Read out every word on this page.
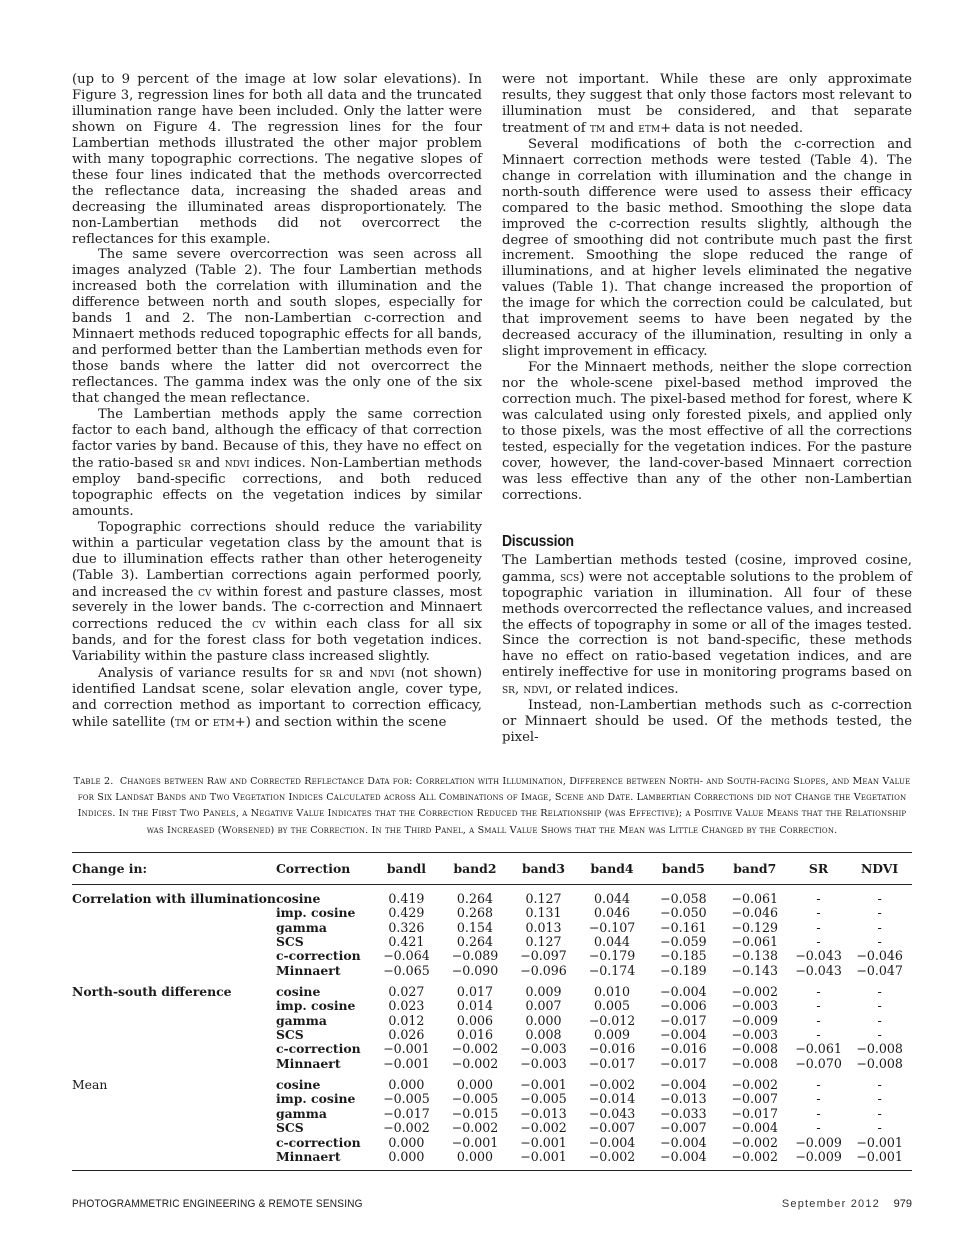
(up to 9 percent of the image at low solar elevations). In Figure 3, regression lines for both all data and the truncated illumination range have been included. Only the latter were shown on Figure 4. The regression lines for the four Lambertian methods illustrated the other major problem with many topographic corrections. The negative slopes of these four lines indicated that the methods overcorrected the reflectance data, increasing the shaded areas and decreasing the illuminated areas disproportionately. The non-Lambertian methods did not overcorrect the reflectances for this example.

The same severe overcorrection was seen across all images analyzed (Table 2). The four Lambertian methods increased both the correlation with illumination and the difference between north and south slopes, especially for bands 1 and 2. The non-Lambertian c-correction and Minnaert methods reduced topographic effects for all bands, and performed better than the Lambertian methods even for those bands where the latter did not overcorrect the reflectances. The gamma index was the only one of the six that changed the mean reflectance.

The Lambertian methods apply the same correction factor to each band, although the efficacy of that correction factor varies by band. Because of this, they have no effect on the ratio-based sr and ndvi indices. Non-Lambertian methods employ band-specific corrections, and both reduced topographic effects on the vegetation indices by similar amounts.

Topographic corrections should reduce the variability within a particular vegetation class by the amount that is due to illumination effects rather than other heterogeneity (Table 3). Lambertian corrections again performed poorly, and increased the cv within forest and pasture classes, most severely in the lower bands. The c-correction and Minnaert corrections reduced the cv within each class for all six bands, and for the forest class for both vegetation indices. Variability within the pasture class increased slightly.

Analysis of variance results for sr and ndvi (not shown) identified Landsat scene, solar elevation angle, cover type, and correction method as important to correction efficacy, while satellite (tm or etm+) and section within the scene

were not important. While these are only approximate results, they suggest that only those factors most relevant to illumination must be considered, and that separate treatment of tm and etm+ data is not needed.

Several modifications of both the c-correction and Minnaert correction methods were tested (Table 4). The change in correlation with illumination and the change in north-south difference were used to assess their efficacy compared to the basic method. Smoothing the slope data improved the c-correction results slightly, although the degree of smoothing did not contribute much past the first increment. Smoothing the slope reduced the range of illuminations, and at higher levels eliminated the negative values (Table 1). That change increased the proportion of the image for which the correction could be calculated, but that improvement seems to have been negated by the decreased accuracy of the illumination, resulting in only a slight improvement in efficacy.

For the Minnaert methods, neither the slope correction nor the whole-scene pixel-based method improved the correction much. The pixel-based method for forest, where K was calculated using only forested pixels, and applied only to those pixels, was the most effective of all the corrections tested, especially for the vegetation indices. For the pasture cover, however, the land-cover-based Minnaert correction was less effective than any of the other non-Lambertian corrections.

Discussion

The Lambertian methods tested (cosine, improved cosine, gamma, scs) were not acceptable solutions to the problem of topographic variation in illumination. All four of these methods overcorrected the reflectance values, and increased the effects of topography in some or all of the images tested. Since the correction is not band-specific, these methods have no effect on ratio-based vegetation indices, and are entirely ineffective for use in monitoring programs based on sr, ndvi, or related indices.

Instead, non-Lambertian methods such as c-correction or Minnaert should be used. Of the methods tested, the pixel-

Table 2. Changes between Raw and Corrected Reflectance Data for: Correlation with Illumination, Difference between North- and South-facing Slopes, and Mean Value for Six Landsat Bands and Two Vegetation Indices Calculated across All Combinations of Image, Scene and Date. Lambertian Corrections did not Change the Vegetation Indices. In the First Two Panels, a Negative Value Indicates that the Correction Reduced the Relationship (was Effective); a Positive Value Means that the Relationship was Increased (Worsened) by the Correction. In the Third Panel, a Small Value Shows that the Mean was Little Changed by the Correction.
Change in:	Correction	bandl	band2	band3	band4	band5	band7	SR	NDVI
Correlation with illumination	cosine	0.419	0.264	0.127	0.044	−0.058	−0.061	-	-
	imp. cosine	0.429	0.268	0.131	0.046	−0.050	−0.046	-	-
	gamma	0.326	0.154	0.013	−0.107	−0.161	−0.129	-	-
	SCS	0.421	0.264	0.127	0.044	−0.059	−0.061	-	-
	c-correction	−0.064	−0.089	−0.097	−0.179	−0.185	−0.138	−0.043	−0.046
	Minnaert	−0.065	−0.090	−0.096	−0.174	−0.189	−0.143	−0.043	−0.047
North-south difference	cosine	0.027	0.017	0.009	0.010	−0.004	−0.002	-	-
	imp. cosine	0.023	0.014	0.007	0.005	−0.006	−0.003	-	-
	gamma	0.012	0.006	0.000	−0.012	−0.017	−0.009	-	-
	SCS	0.026	0.016	0.008	0.009	−0.004	−0.003	-	-
	c-correction	−0.001	−0.002	−0.003	−0.016	−0.016	−0.008	−0.061	−0.008
	Minnaert	−0.001	−0.002	−0.003	−0.017	−0.017	−0.008	−0.070	−0.008
Mean	cosine	0.000	0.000	−0.001	−0.002	−0.004	−0.002	-	-
	imp. cosine	−0.005	−0.005	−0.005	−0.014	−0.013	−0.007	-	-
	gamma	−0.017	−0.015	−0.013	−0.043	−0.033	−0.017	-	-
	SCS	−0.002	−0.002	−0.002	−0.007	−0.007	−0.004	-	-
	c-correction	0.000	−0.001	−0.001	−0.004	−0.004	−0.002	−0.009	−0.001
	Minnaert	0.000	0.000	−0.001	−0.002	−0.004	−0.002	−0.009	−0.001
PHOTOGRAMMETRIC ENGINEERING & REMOTE SENSING	September 2012 979
